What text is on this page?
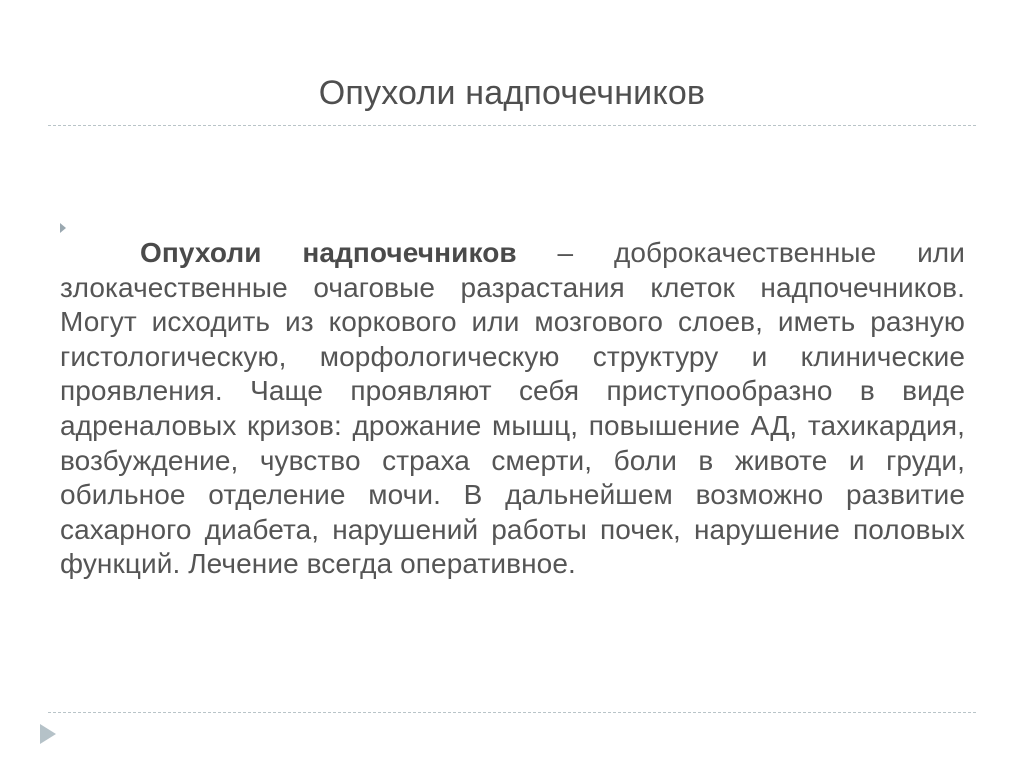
Опухоли надпочечников

Опухоли надпочечников – доброкачественные или злокачественные очаговые разрастания клеток надпочечников. Могут исходить из коркового или мозгового слоев, иметь разную гистологическую, морфологическую структуру и клинические проявления. Чаще проявляют себя приступообразно в виде адреналовых кризов: дрожание мышц, повышение АД, тахикардия, возбуждение, чувство страха смерти, боли в животе и груди, обильное отделение мочи. В дальнейшем возможно развитие сахарного диабета, нарушений работы почек, нарушение половых функций. Лечение всегда оперативное.
